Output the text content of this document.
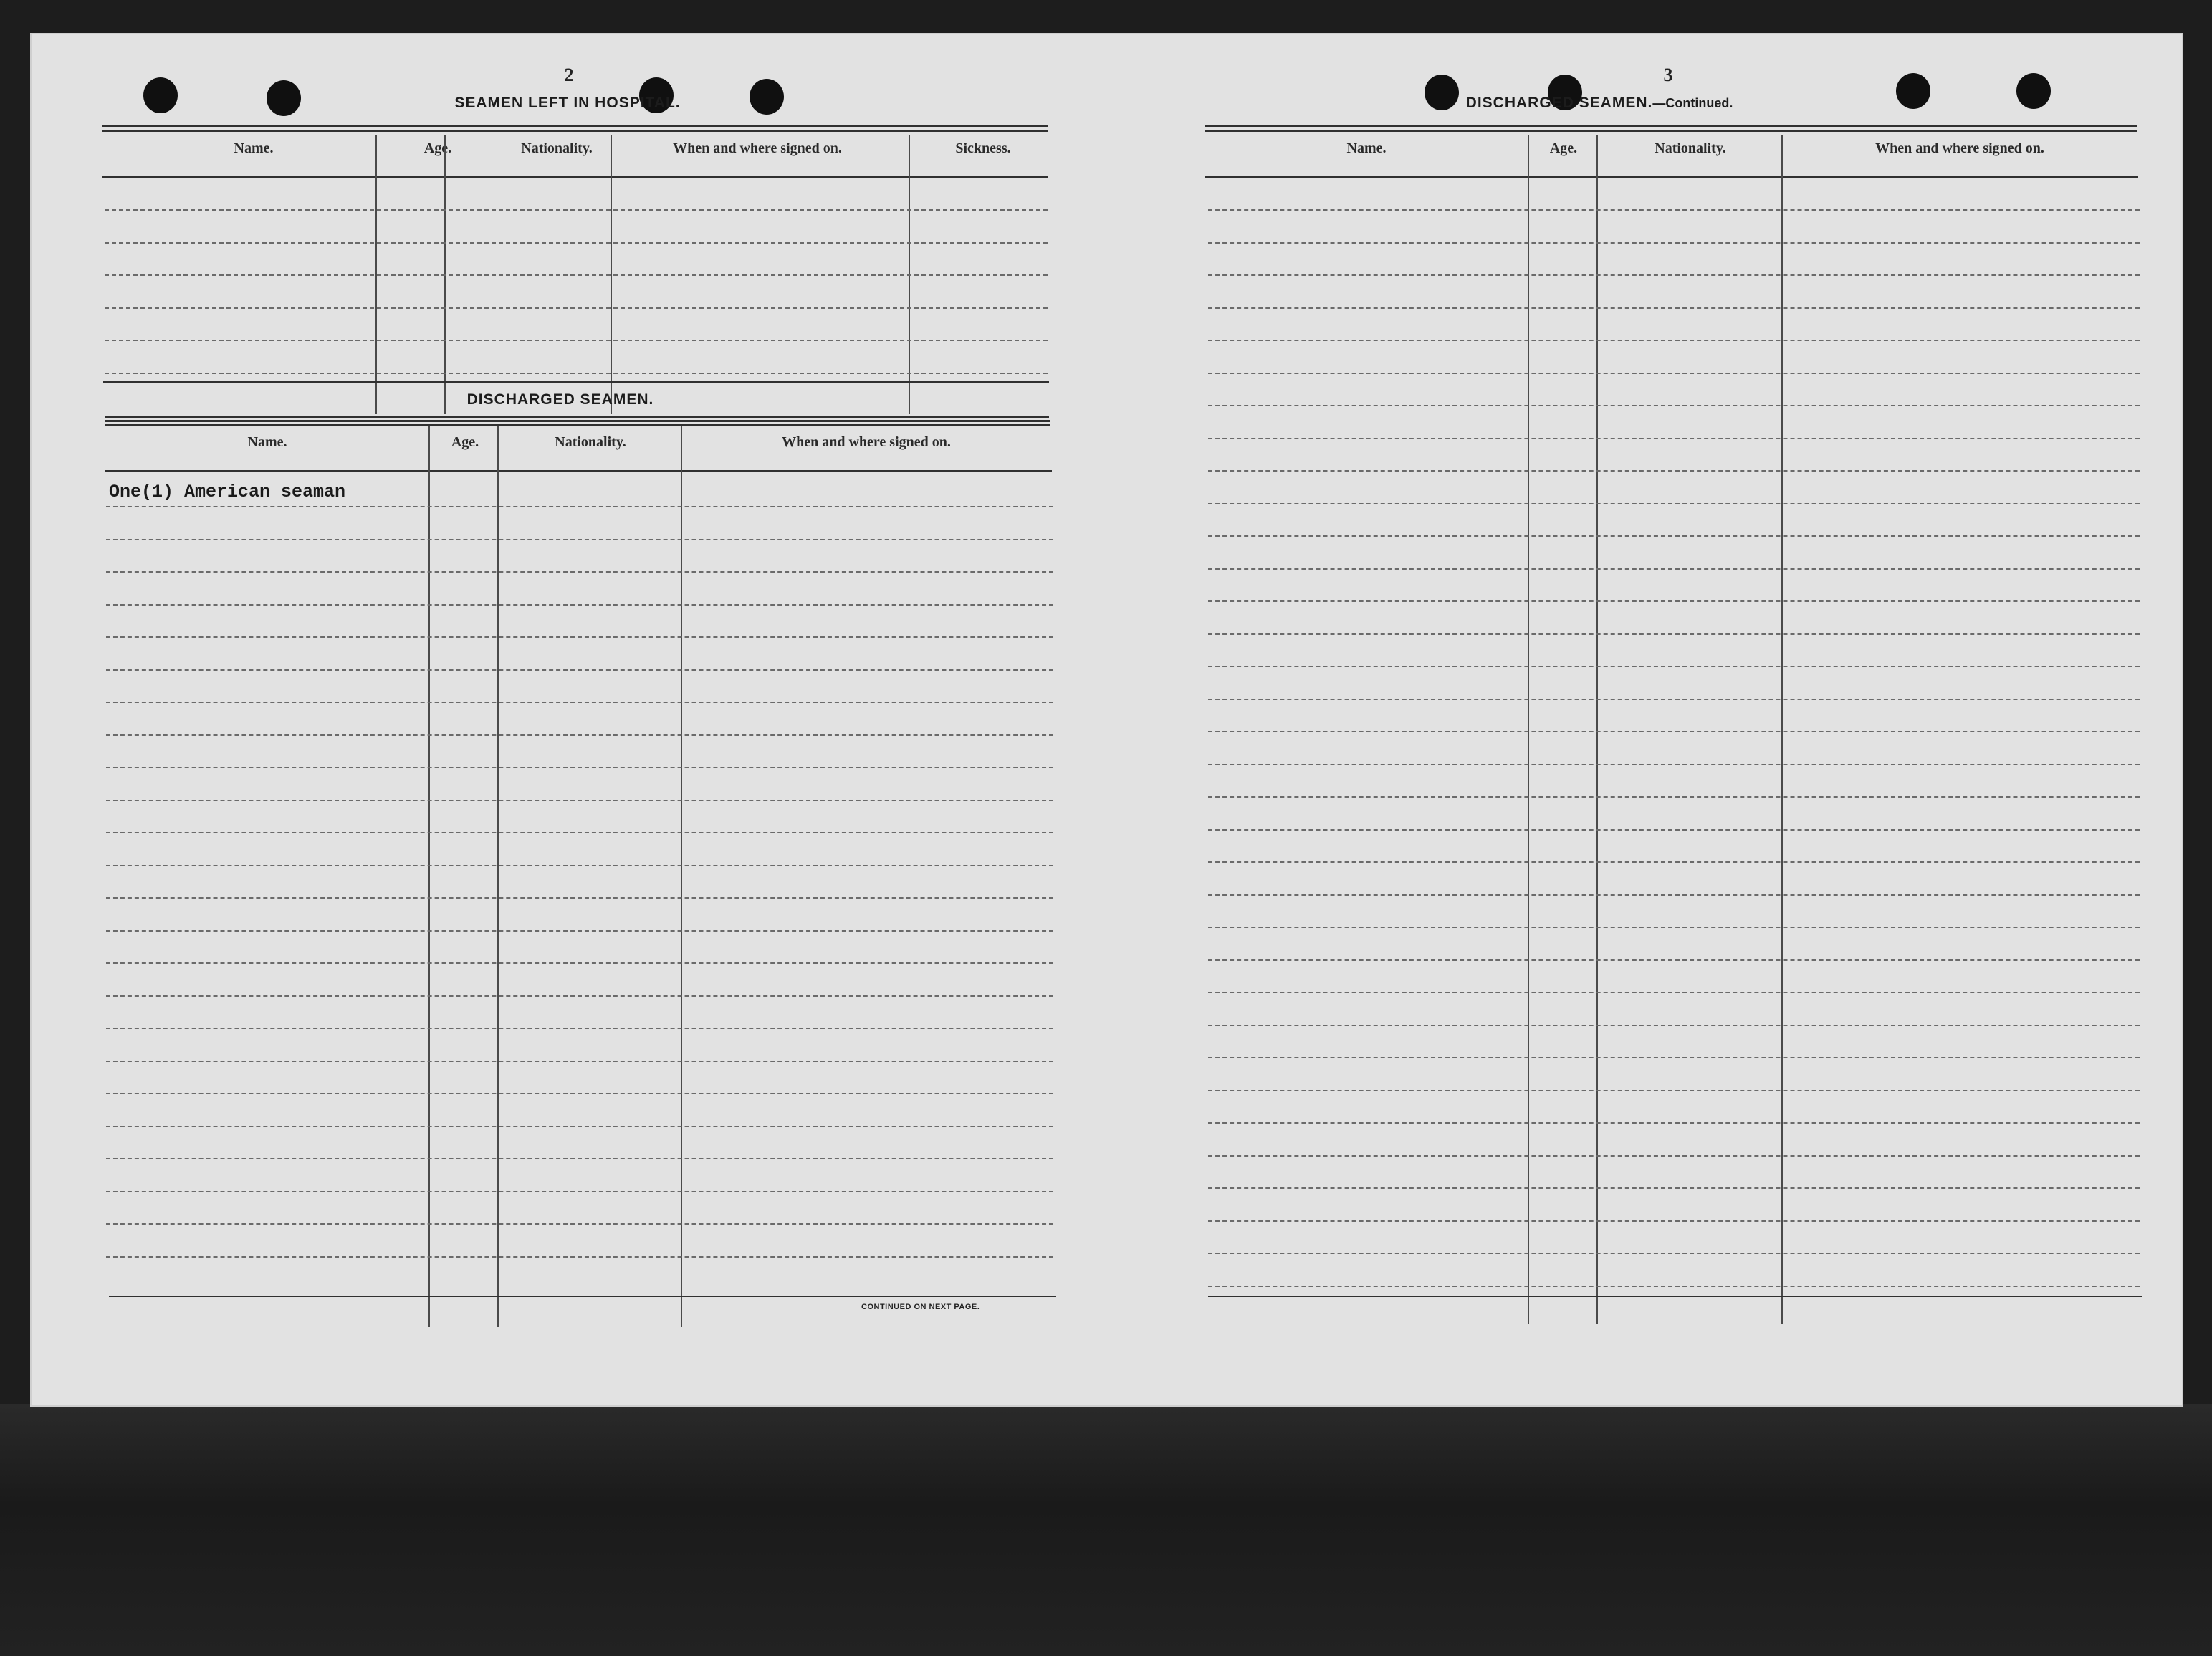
2
SEAMEN LEFT IN HOSPITAL.
Name.	Age.	Nationality.	When and where signed on.	Sickness.
DISCHARGED SEAMEN.
Name.	Age.	Nationality.	When and where signed on.
One(1) American seaman
CONTINUED ON NEXT PAGE.
3
DISCHARGED SEAMEN.—Continued.
Name.	Age.	Nationality.	When and where signed on.
